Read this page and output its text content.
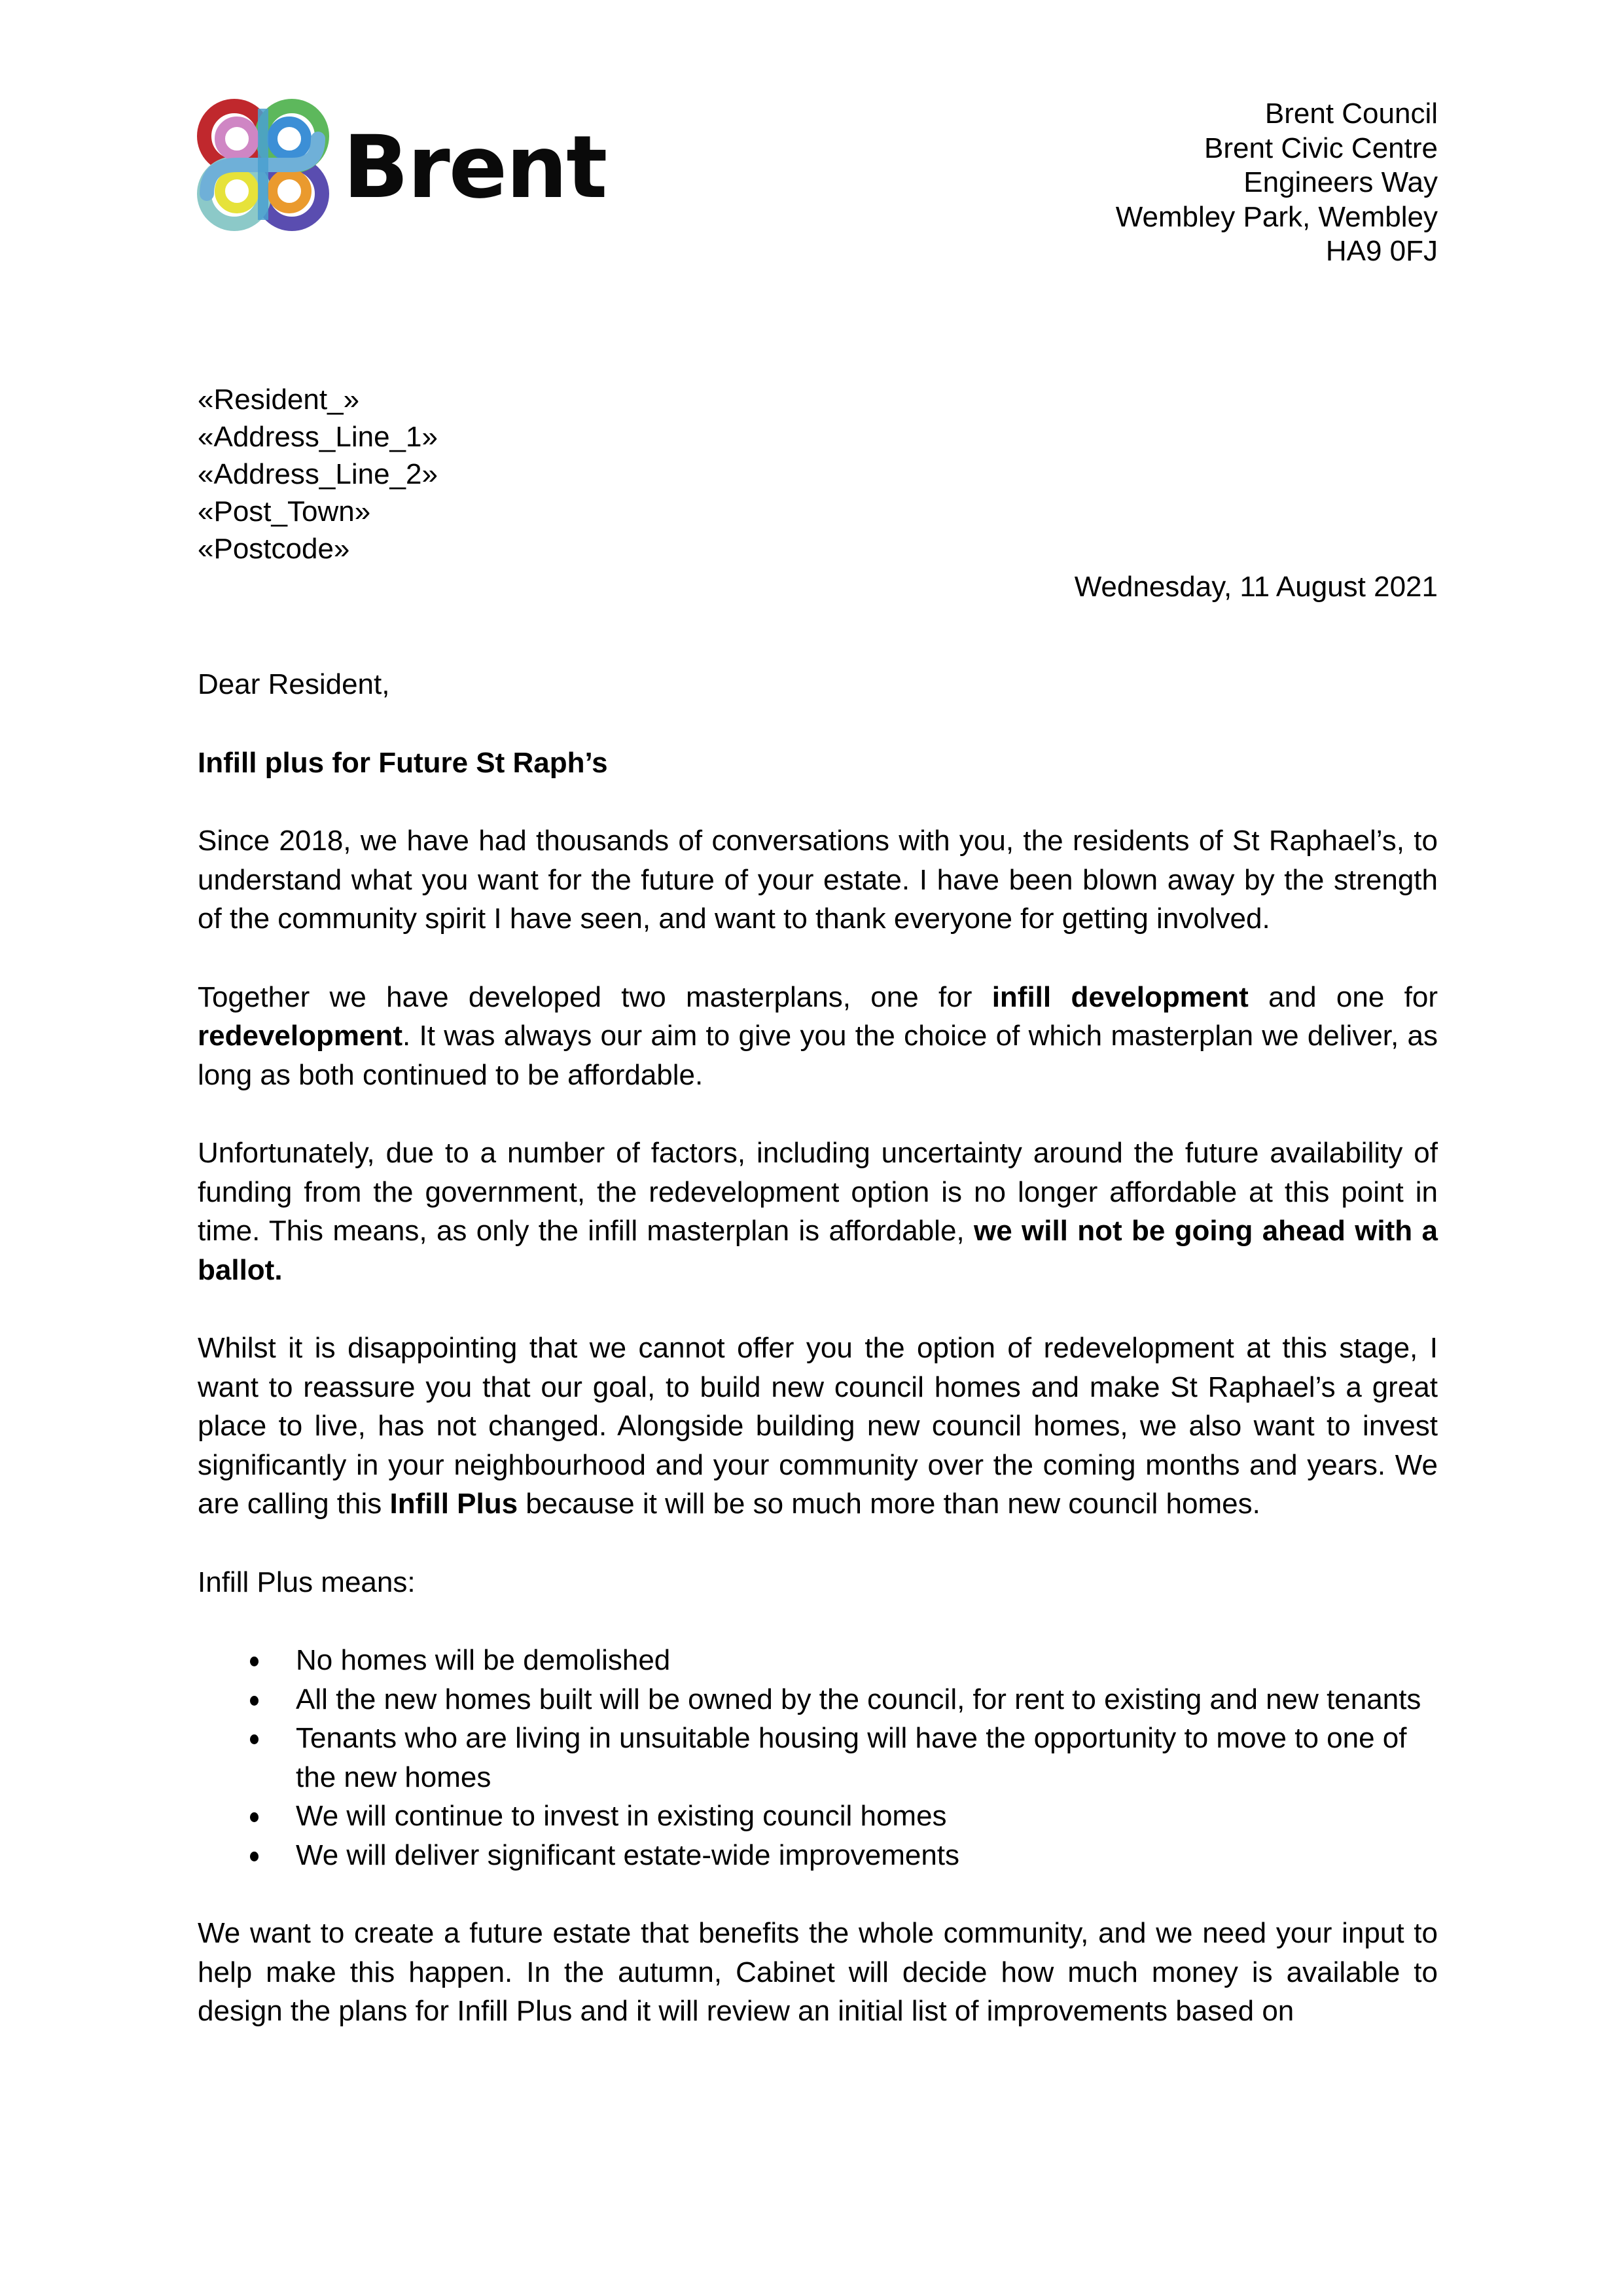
Brent
Brent Council
Brent Civic Centre
Engineers Way
Wembley Park, Wembley
HA9 0FJ
«Resident_»
«Address_Line_1»
«Address_Line_2»
«Post_Town»
«Postcode»
Wednesday, 11 August 2021

Dear Resident,

Infill plus for Future St Raph’s

Since 2018, we have had thousands of conversations with you, the residents of St Raphael’s, to understand what you want for the future of your estate. I have been blown away by the strength of the community spirit I have seen, and want to thank everyone for getting involved.

Together we have developed two masterplans, one for infill development and one for redevelopment. It was always our aim to give you the choice of which masterplan we deliver, as long as both continued to be affordable.

Unfortunately, due to a number of factors, including uncertainty around the future availability of funding from the government, the redevelopment option is no longer affordable at this point in time. This means, as only the infill masterplan is affordable, we will not be going ahead with a ballot.

Whilst it is disappointing that we cannot offer you the option of redevelopment at this stage, I want to reassure you that our goal, to build new council homes and make St Raphael’s a great place to live, has not changed. Alongside building new council homes, we also want to invest significantly in your neighbourhood and your community over the coming months and years. We are calling this Infill Plus because it will be so much more than new council homes.

Infill Plus means:

No homes will be demolished
All the new homes built will be owned by the council, for rent to existing and new tenants
Tenants who are living in unsuitable housing will have the opportunity to move to one of the new homes
We will continue to invest in existing council homes
We will deliver significant estate-wide improvements

We want to create a future estate that benefits the whole community, and we need your input to help make this happen. In the autumn, Cabinet will decide how much money is available to design the plans for Infill Plus and it will review an initial list of improvements based on
